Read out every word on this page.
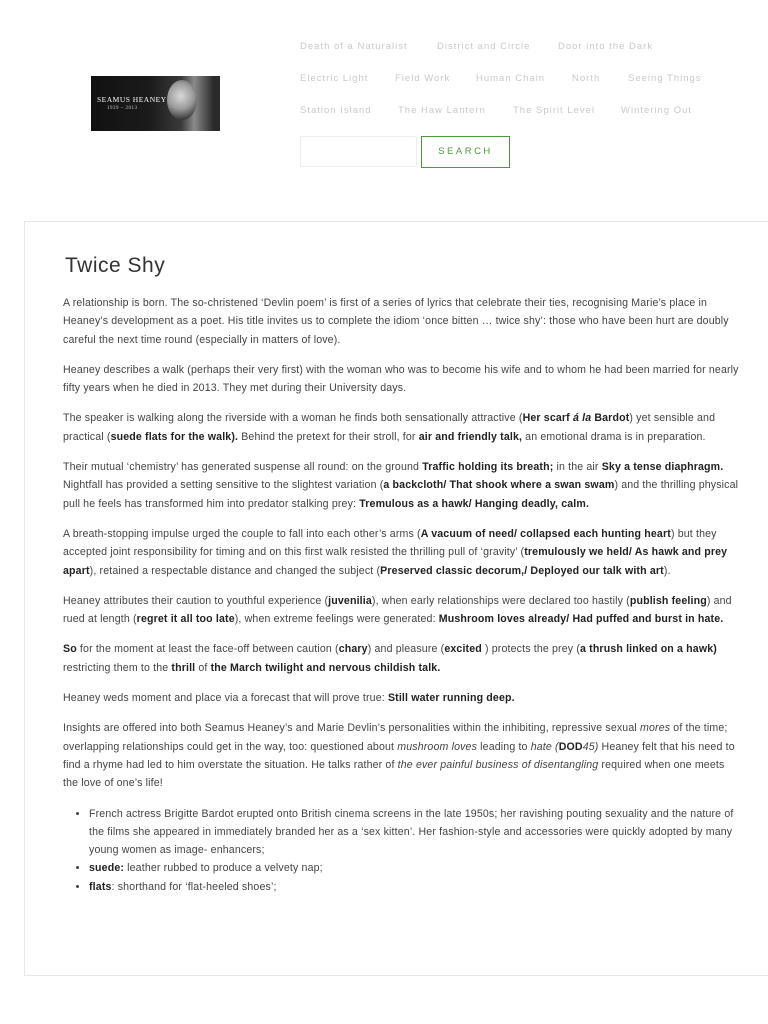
SEAMUS HEANEY
1939 – 2013
Death of a Naturalist	District and Circle	Door into the Dark
Electric Light	Field Work	Human Chain	North	Seeing Things
Station Island	The Haw Lantern	The Spirit Level	Wintering Out
SEARCH
Twice Shy

A relationship is born. The so-christened ‘Devlin poem’ is first of a series of lyrics that celebrate their ties, recognising Marie’s place in Heaney’s development as a poet. His title invites us to complete the idiom ‘once bitten … twice shy’: those who have been hurt are doubly careful the next time round (especially in matters of love).

Heaney describes a walk (perhaps their very first) with the woman who was to become his wife and to whom he had been married for nearly fifty years when he died in 2013. They met during their University days.

The speaker is walking along the riverside with a woman he finds both sensationally attractive (Her scarf á la Bardot) yet sensible and practical (suede flats for the walk). Behind the pretext for their stroll, for air and friendly talk, an emotional drama is in preparation.

Their mutual ‘chemistry’ has generated suspense all round: on the ground Traffic holding its breath; in the air Sky a tense diaphragm. Nightfall has provided a setting sensitive to the slightest variation (a backcloth/ That shook where a swan swam) and the thrilling physical pull he feels has transformed him into predator stalking prey: Tremulous as a hawk/ Hanging deadly, calm.

A breath-stopping impulse urged the couple to fall into each other’s arms (A vacuum of need/ collapsed each hunting heart) but they accepted joint responsibility for timing and on this first walk resisted the thrilling pull of ‘gravity’ (tremulously we held/ As hawk and prey apart), retained a respectable distance and changed the subject (Preserved classic decorum,/ Deployed our talk with art).

Heaney attributes their caution to youthful experience (juvenilia), when early relationships were declared too hastily (publish feeling) and rued at length (regret it all too late), when extreme feelings were generated: Mushroom loves already/ Had puffed and burst in hate.

So for the moment at least the face-off between caution (chary) and pleasure (excited ) protects the prey (a thrush linked on a hawk) restricting them to the thrill of the March twilight and nervous childish talk.

Heaney weds moment and place via a forecast that will prove true: Still water running deep.

Insights are offered into both Seamus Heaney’s and Marie Devlin’s personalities within the inhibiting, repressive sexual mores of the time; overlapping relationships could get in the way, too: questioned about mushroom loves leading to hate (DOD45) Heaney felt that his need to find a rhyme had led to him overstate the situation. He talks rather of the ever painful business of disentangling required when one meets the love of one’s life!

• French actress Brigitte Bardot erupted onto British cinema screens in the late 1950s; her ravishing pouting sexuality and the nature of the films she appeared in immediately branded her as a ‘sex kitten’. Her fashion-style and accessories were quickly adopted by many young women as image- enhancers;
• suede: leather rubbed to produce a velvety nap;
• flats: shorthand for ‘flat-heeled shoes’;
